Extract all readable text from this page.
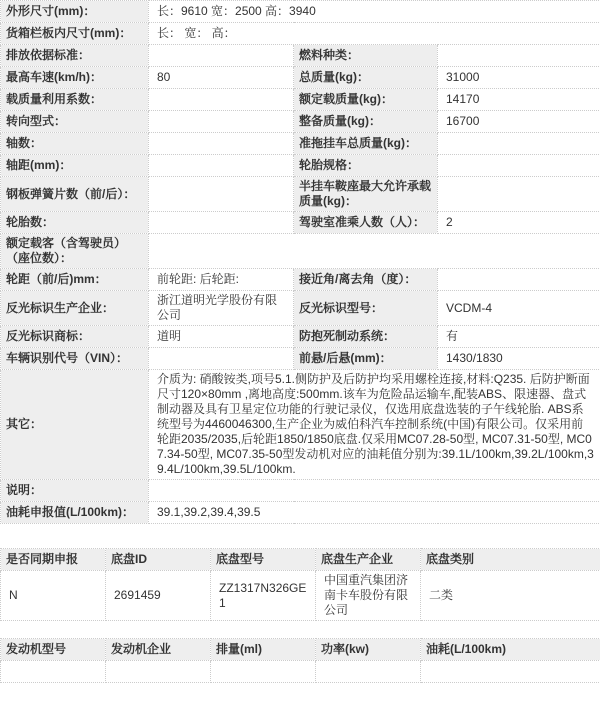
外形尺寸(mm)：	长：9610 宽：2500 高：3940		
货箱栏板内尺寸(mm)：	长： 宽： 高：		
排放依据标准：		燃料种类：	
最高车速(km/h)：	80	总质量(kg)：	31000
载质量利用系数：		额定载质量(kg)：	14170
转向型式：		整备质量(kg)：	16700
轴数：		准拖挂车总质量(kg)：	
轴距(mm)：		轮胎规格：	
钢板弹簧片数（前/后）：		半挂车鞍座最大允许承载质量(kg)：	
轮胎数：		驾驶室准乘人数（人）：	2
额定载客（含驾驶员）（座位数）：			
轮距（前/后)mm：	前轮距: 后轮距:	接近角/离去角（度）：	
反光标识生产企业：	浙江道明光学股份有限公司	反光标识型号：	VCDM-4
反光标识商标：	道明	防抱死制动系统：	有
车辆识别代号（VIN）：		前悬/后悬(mm)：	1430/1830
其它：	介质为: 硝酸铵类,项号5.1.侧防护及后防护均采用螺栓连接,材料:Q235. 后防护断面尺寸120×80mm ,离地高度:500mm.该车为危险品运输车,配装ABS、限速器、盘式制动器及具有卫星定位功能的行驶记录仪，仅选用底盘选装的子午线轮胎. ABS系统型号为4460046300,生产企业为威伯科汽车控制系统(中国)有限公司。仅采用前轮距2035/2035,后轮距1850/1850底盘.仅采用MC07.28-50型, MC07.31-50型, MC07.34-50型, MC07.35-50型发动机对应的油耗值分别为:39.1L/100km,39.2L/100km,39.4L/100km,39.5L/100km.		
说明：			
油耗申报值(L/100km)：	39.1,39.2,39.4,39.5		
是否同期申报	底盘ID	底盘型号	底盘生产企业	底盘类别
N	2691459	ZZ1317N326GE1	中国重汽集团济南卡车股份有限公司	二类
发动机型号	发动机企业	排量(ml)	功率(kw)	油耗(L/100km)
